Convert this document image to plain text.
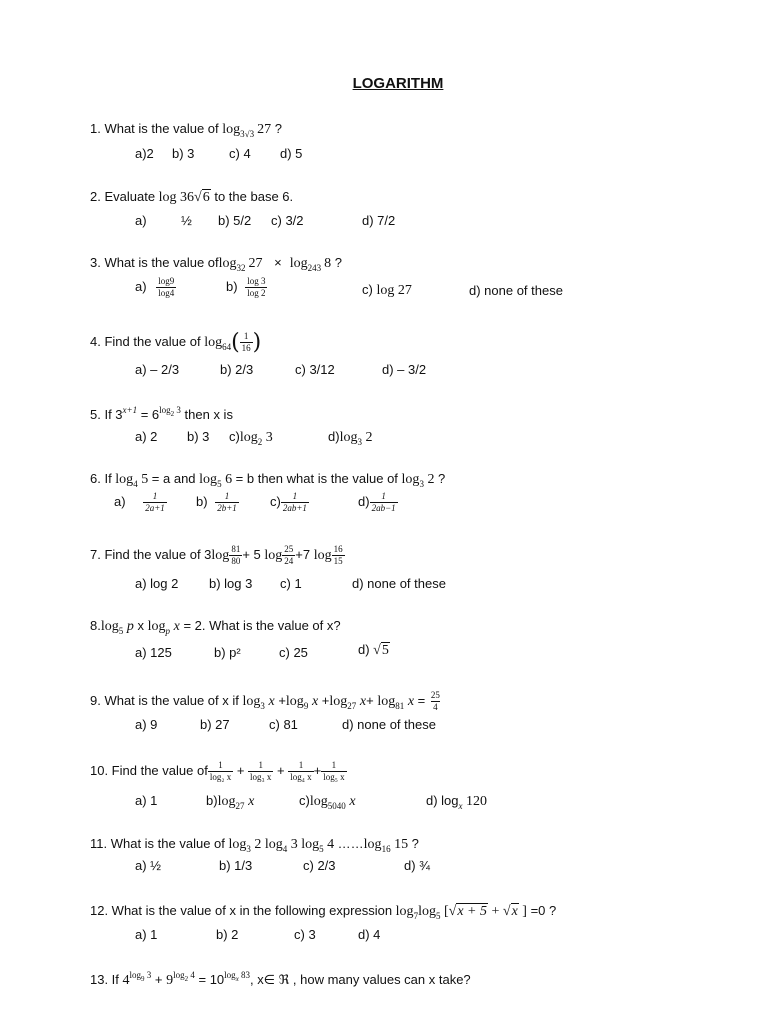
LOGARITHM
1. What is the value of $\log_{3√3} 27$ ?
a)2 b) 3	c) 4 d) 5
2. Evaluate log 36√6 to the base 6.
a)	½ b) 5/2 c) 3/2	d) 7/2
3. What is the value oflog$_{32}$ $27 \times \log_{243} 8$ ?
$a) \frac{\log 9}{\log 4}$	$b) \frac{\log 3}{\log 2}$	c) log 27	d) none of these
4. Find the value of $\log_{64}( \frac{1}{16}$ )
a) – 2/3	b) 2/3	c) 3/12	d) – 3/2
5. If $3^{x+1} = 6^{log2}$ $^3$ then x is
a) 2 b) 3 $c)\log_2$ 3	$d)\log_3$ 2
6. If $\log_4 5 = a$ and $\log_5 6 = b$ then what is the value of $\log_3 2$ ?
$a) \frac{1}{2a+1} b) \frac{1}{2b+1} c) \frac{1}{2ab+1}$	$d) \frac{1}{2ab-1}$
7. Find the value of $3\log \frac{81}{80} + 5$ $\log \frac{25}{24} +7$ $\log \frac{16}{15}$
a) log 2 b) log 3 c) 1	d) none of these
$8.\log_5$ p x $\log_p x = 2$. What is the value of x?
a) 125	b) p²	c) 25	d) √5
9. What is the value of x if $\log_3 x +\log_9$ $x +\log_{27}$ $x+ \log_{81} x = \frac{25}{4}$
a) 9	b) 27	c) 81	d) none of these
10. Find the value of $\frac{1}{\text{log₂ x}} + \frac{1}{\text{log₃ x}} + \frac{1}{\text{log₄ x}} + \frac{1}{\text{log₅ x}}$
a) 1	$b)\log_{27}$ x	$c)\log_{5040}$ x	d) $\log_x 120$
11. What is the value of $\log_3 2$ $\log_4 3$ $\log_5 4$ $\dots\dots\log_{16}$ 15 ?
a) ½	b) 1/3	c) 2/3	d) ¾
12. What is the value of x in the following expression $\log_7\log_5$ [√x + 5 + √x ] =0 ?
a) 1	b) 2	c) 3	d) 4
13. If $4^{log9}$ $^3 + 9^{log2}$ $^4 = 10^{logx}$ $^{83}$, x∈ ℜ , how many values can x take?
